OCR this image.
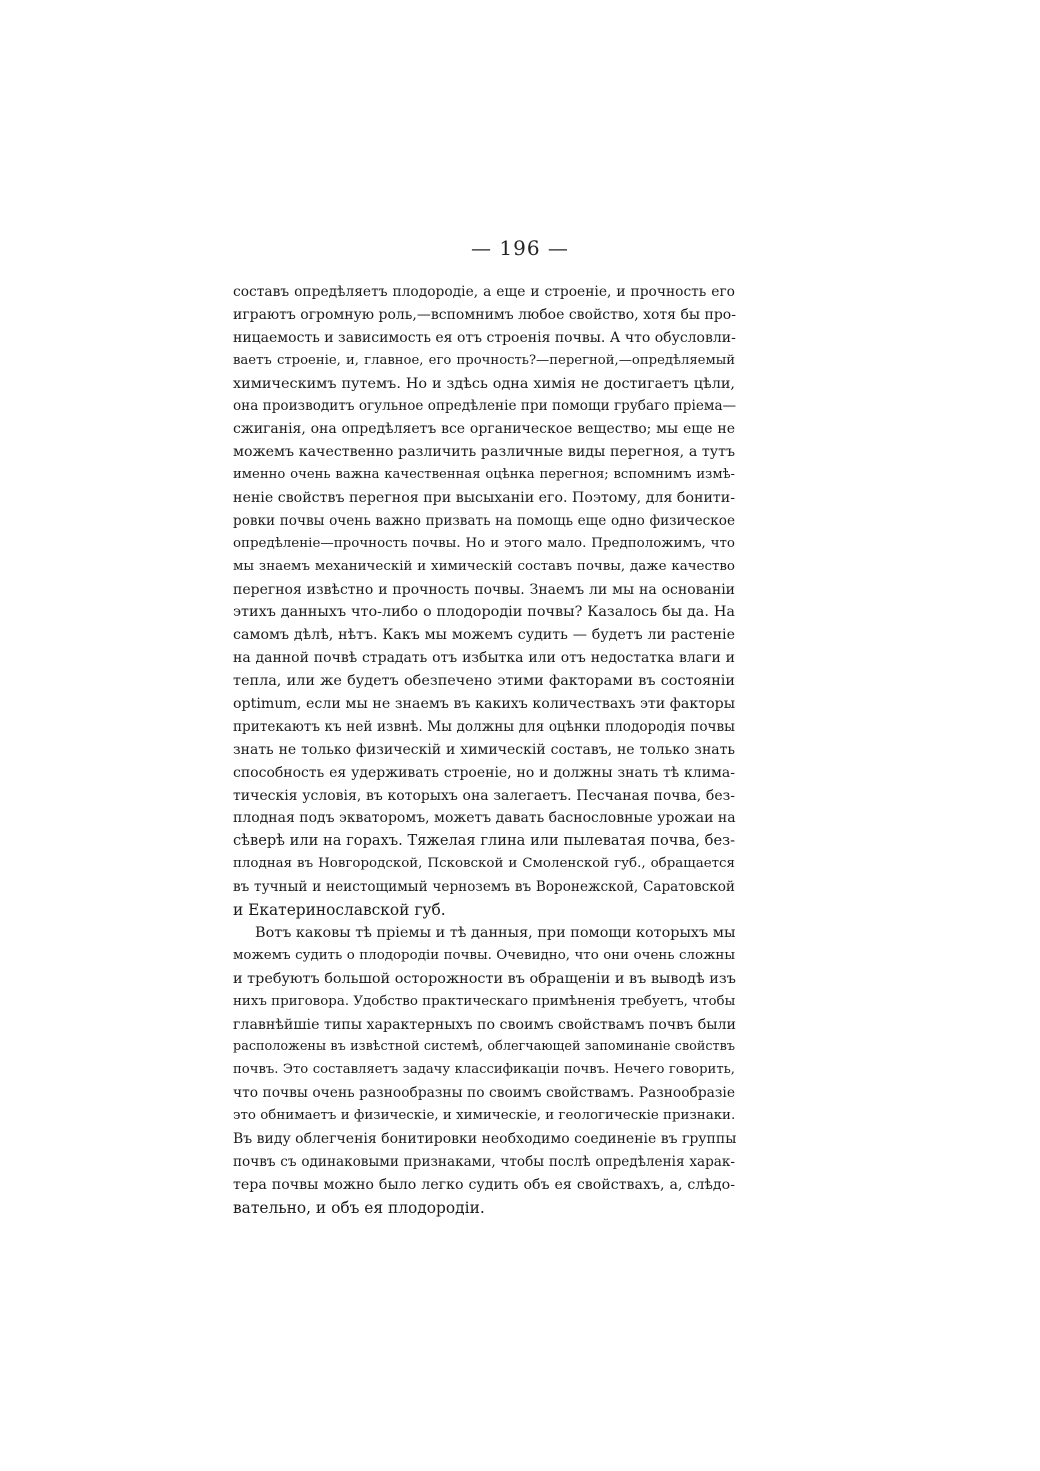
— 196 —
составъ опредѣляетъ плодородіе, а еще и строеніе, и прочность его
играютъ огромную роль,—вспомнимъ любое свойство, хотя бы про-
ницаемость и зависимость ея отъ строенія почвы. А что обусловли-
ваетъ строеніе, и, главное, его прочность?—перегной,—опредѣляемый
химическимъ путемъ. Но и здѣсь одна химія не достигаетъ цѣли,
она производитъ огульное опредѣленіе при помощи грубаго пріема—
сжиганія, она опредѣляетъ все органическое вещество; мы еще не
можемъ качественно различить различные виды перегноя, а тутъ
именно очень важна качественная оцѣнка перегноя; вспомнимъ измѣ-
неніе свойствъ перегноя при высыханіи его. Поэтому, для бонити-
ровки почвы очень важно призвать на помощь еще одно физическое
опредѣленіе—прочность почвы. Но и этого мало. Предположимъ, что
мы знаемъ механическій и химическій составъ почвы, даже качество
перегноя извѣстно и прочность почвы. Знаемъ ли мы на основаніи
этихъ данныхъ что-либо о плодородіи почвы? Казалось бы да. На
самомъ дѣлѣ, нѣтъ. Какъ мы можемъ судить — будетъ ли растеніе
на данной почвѣ страдать отъ избытка или отъ недостатка влаги и
тепла, или же будетъ обезпечено этими факторами въ состояніи
optimum, если мы не знаемъ въ какихъ количествахъ эти факторы
притекаютъ къ ней извнѣ. Мы должны для оцѣнки плодородія почвы
знать не только физическій и химическій составъ, не только знать
способность ея удерживать строеніе, но и должны знать тѣ клима-
тическія условія, въ которыхъ она залегаетъ. Песчаная почва, без-
плодная подъ экваторомъ, можетъ давать баснословные урожаи на
сѣверѣ или на горахъ. Тяжелая глина или пылеватая почва, без-
плодная въ Новгородской, Псковской и Смоленской губ., обращается
въ тучный и неистощимый черноземъ въ Воронежской, Саратовской
и Екатеринославской губ.
Вотъ каковы тѣ пріемы и тѣ данныя, при помощи которыхъ мы
можемъ судить о плодородіи почвы. Очевидно, что они очень сложны
и требуютъ большой осторожности въ обращеніи и въ выводѣ изъ
нихъ приговора. Удобство практическаго примѣненія требуетъ, чтобы
главнѣйшіе типы характерныхъ по своимъ свойствамъ почвъ были
расположены въ извѣстной системѣ, облегчающей запоминаніе свойствъ
почвъ. Это составляетъ задачу классификаціи почвъ. Нечего говорить,
что почвы очень разнообразны по своимъ свойствамъ. Разнообразіе
это обнимаетъ и физическіе, и химическіе, и геологическіе признаки.
Въ виду облегченія бонитировки необходимо соединеніе въ группы
почвъ съ одинаковыми признаками, чтобы послѣ опредѣленія харак-
тера почвы можно было легко судить объ ея свойствахъ, а, слѣдо-
вательно, и объ ея плодородіи.
